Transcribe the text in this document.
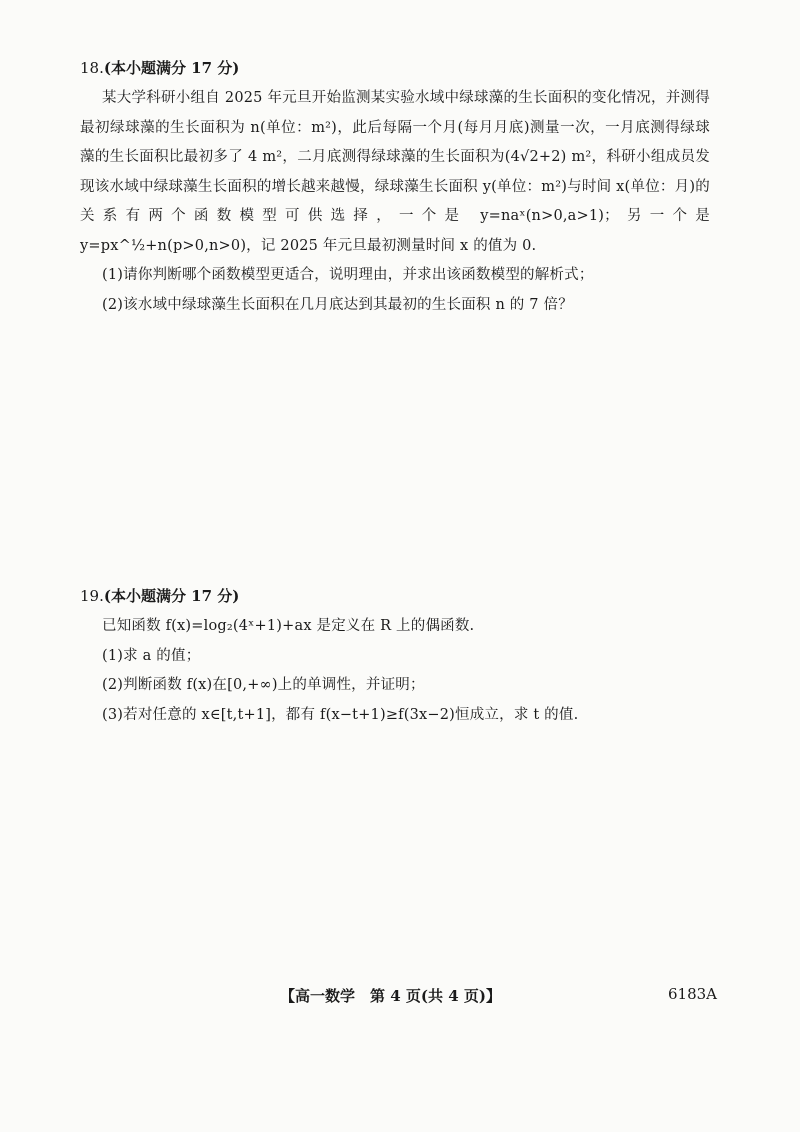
18.(本小题满分 17 分)

某大学科研小组自 2025 年元旦开始监测某实验水域中绿球藻的生长面积的变化情况，并测得最初绿球藻的生长面积为 n(单位：m²)，此后每隔一个月(每月月底)测量一次，一月底测得绿球藻的生长面积比最初多了 4 m²，二月底测得绿球藻的生长面积为(4√2+2) m²，科研小组成员发现该水域中绿球藻生长面积的增长越来越慢，绿球藻生长面积 y(单位：m²)与时间 x(单位：月)的关系有两个函数模型可供选择，一个是 y=naˣ(n>0,a>1)；另一个是 y=px^½+n(p>0,n>0)，记 2025 年元旦最初测量时间 x 的值为 0.

(1)请你判断哪个函数模型更适合，说明理由，并求出该函数模型的解析式；

(2)该水域中绿球藻生长面积在几月底达到其最初的生长面积 n 的 7 倍？

19.(本小题满分 17 分)

已知函数 f(x)=log₂(4ˣ+1)+ax 是定义在 R 上的偶函数.

(1)求 a 的值；

(2)判断函数 f(x)在[0,+∞)上的单调性，并证明；

(3)若对任意的 x∈[t,t+1]，都有 f(x−t+1)≥f(3x−2)恒成立，求 t 的值.

【高一数学　第 4 页(共 4 页)】	6183A
